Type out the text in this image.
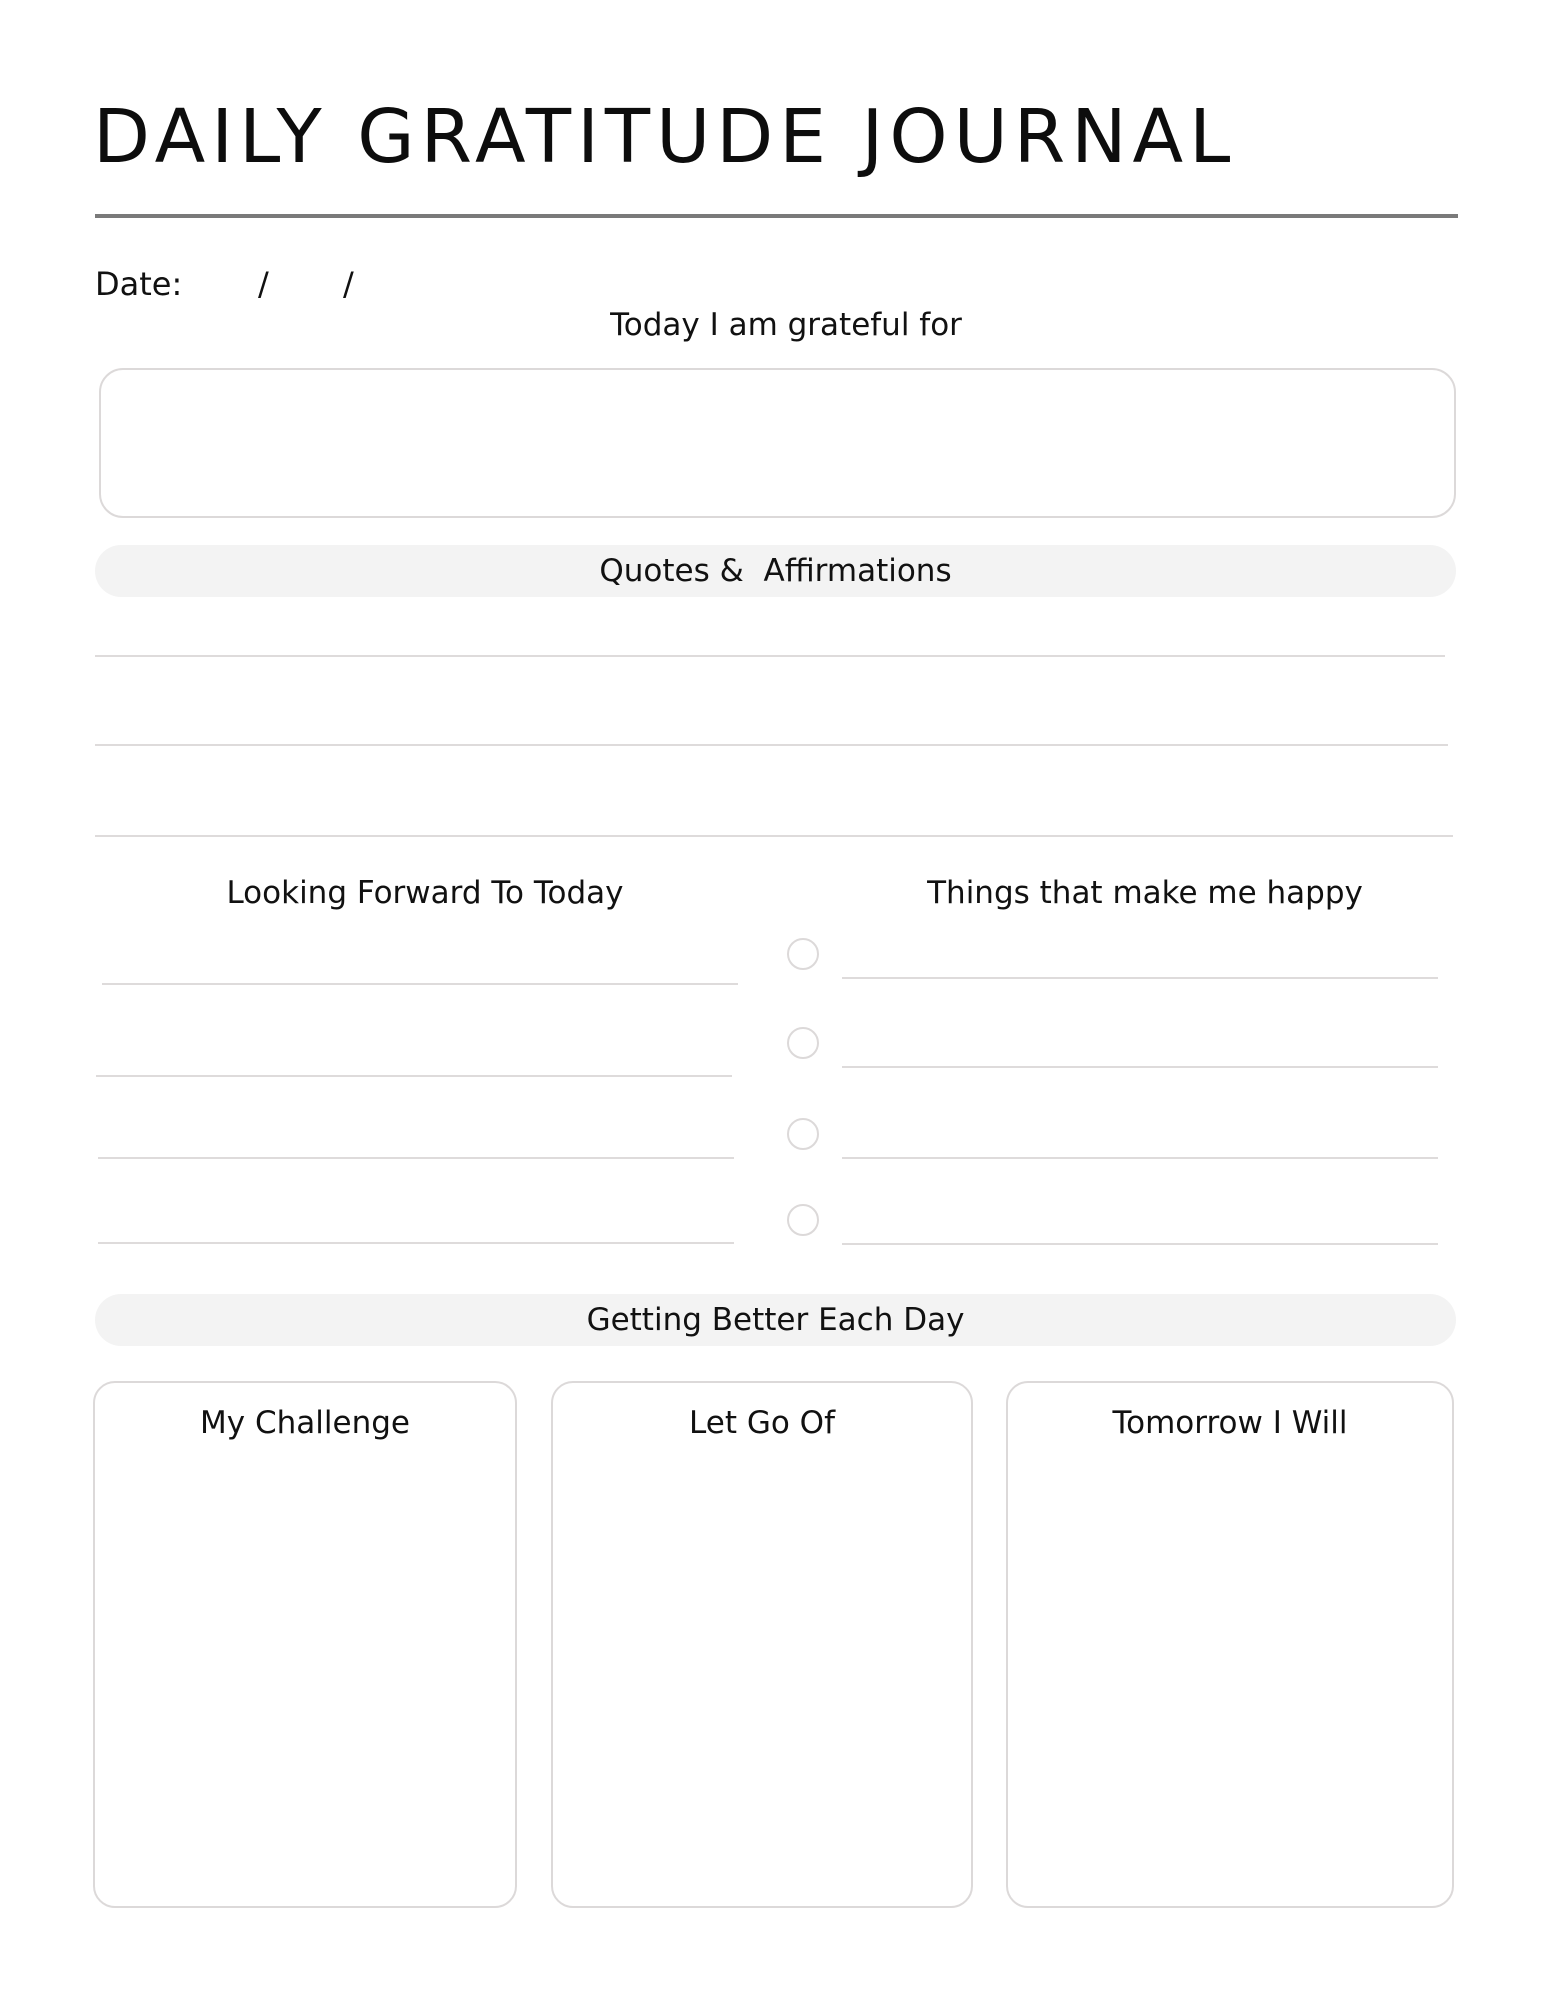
DAILY GRATITUDE JOURNAL
Date: / /
Today I am grateful for
Quotes &  Affirmations
Looking Forward To Today	Things that make me happy
Getting Better Each Day
My Challenge	Let Go Of	Tomorrow I Will
